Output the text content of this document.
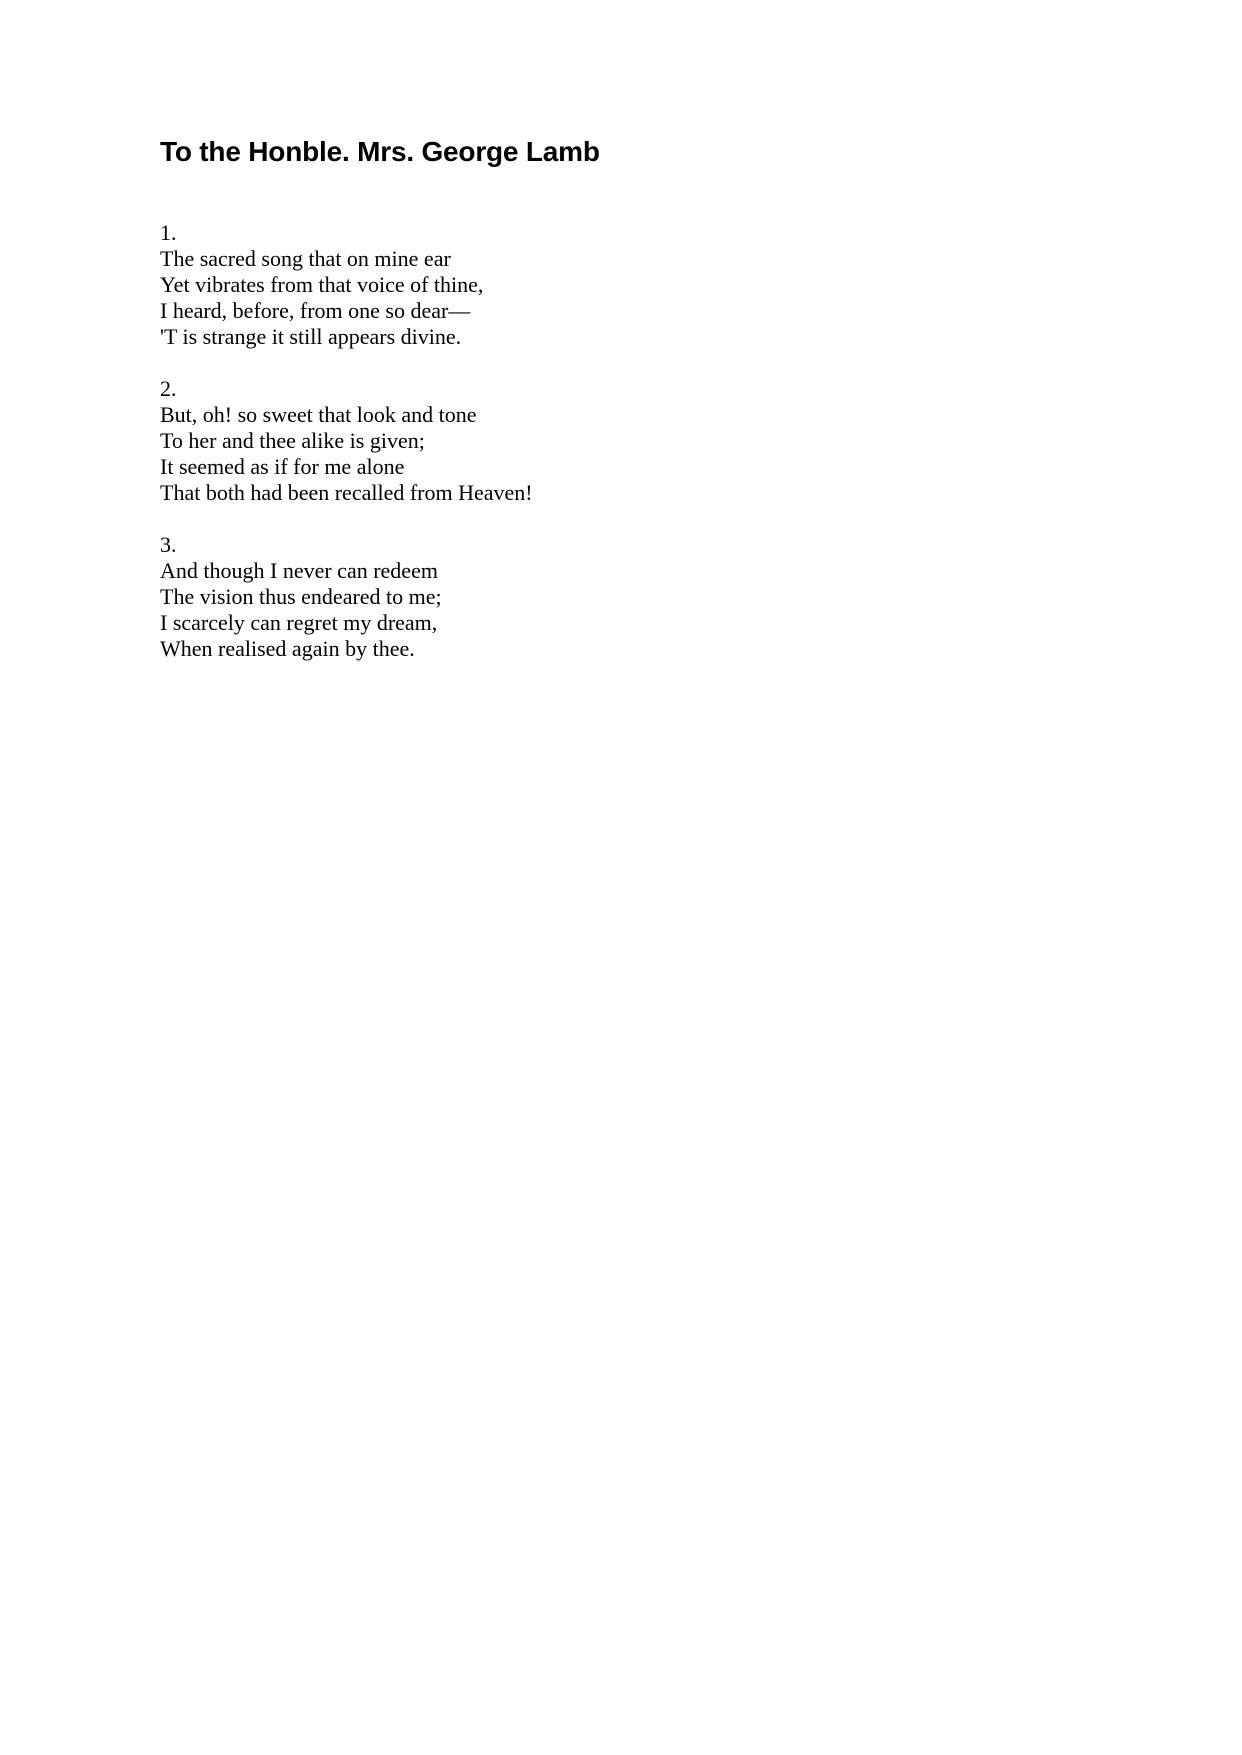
To the Honble. Mrs. George Lamb
1.
The sacred song that on mine ear
Yet vibrates from that voice of thine,
I heard, before, from one so dear—
'T is strange it still appears divine.
2.
But, oh! so sweet that look and tone
To her and thee alike is given;
It seemed as if for me alone
That both had been recalled from Heaven!
3.
And though I never can redeem
The vision thus endeared to me;
I scarcely can regret my dream,
When realised again by thee.
